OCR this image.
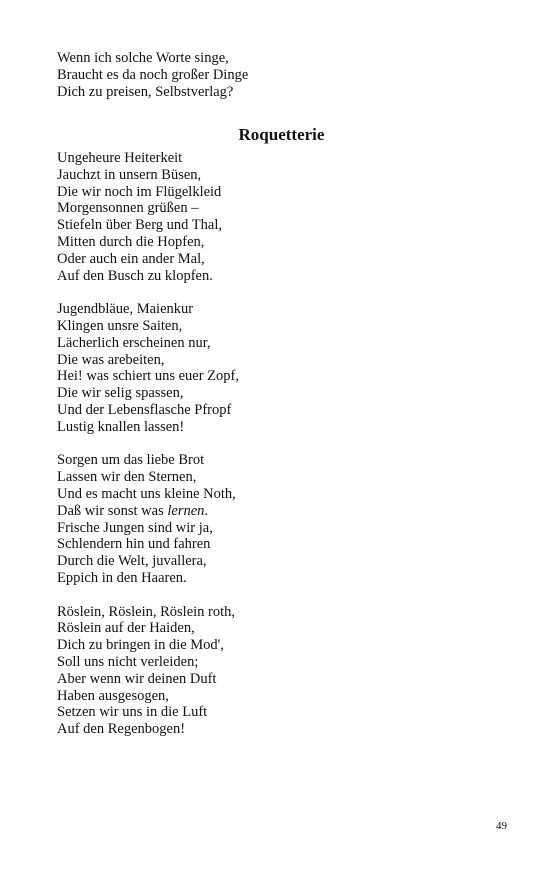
Wenn ich solche Worte singe,
Braucht es da noch großer Dinge
Dich zu preisen, Selbstverlag?
Roquetterie
Ungeheure Heiterkeit
Jauchzt in unsern Büsen,
Die wir noch im Flügelkleid
Morgensonnen grüßen –
Stiefeln über Berg und Thal,
Mitten durch die Hopfen,
Oder auch ein ander Mal,
Auf den Busch zu klopfen.
Jugendbläue, Maienkur
Klingen unsre Saiten,
Lächerlich erscheinen nur,
Die was arebeiten,
Hei! was schiert uns euer Zopf,
Die wir selig spassen,
Und der Lebensflasche Pfropf
Lustig knallen lassen!
Sorgen um das liebe Brot
Lassen wir den Sternen,
Und es macht uns kleine Noth,
Daß wir sonst was lernen.
Frische Jungen sind wir ja,
Schlendern hin und fahren
Durch die Welt, juvallera,
Eppich in den Haaren.
Röslein, Röslein, Röslein roth,
Röslein auf der Haiden,
Dich zu bringen in die Mod',
Soll uns nicht verleiden;
Aber wenn wir deinen Duft
Haben ausgesogen,
Setzen wir uns in die Luft
Auf den Regenbogen!
49
